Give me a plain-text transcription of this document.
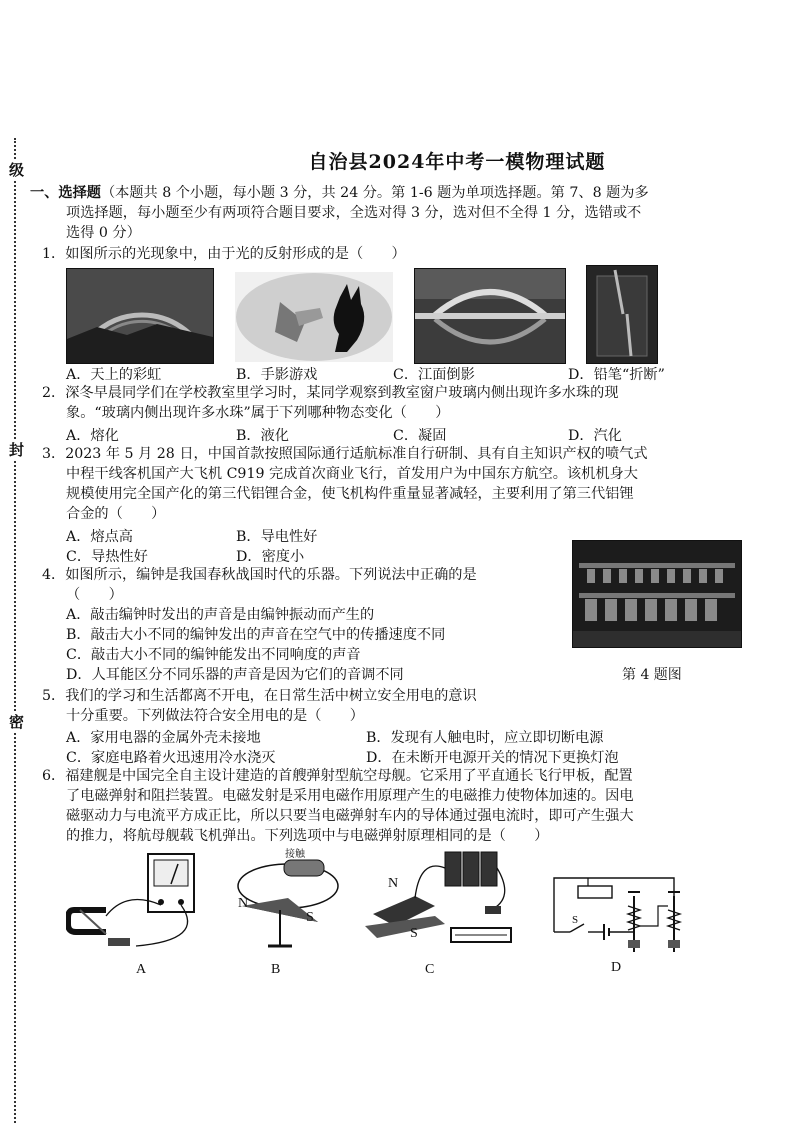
级
封
密
自治县2024年中考一模物理试题
一、选择题（本题共 8 个小题，每小题 3 分，共 24 分。第 1-6 题为单项选择题。第 7、8 题为多
项选择题，每小题至少有两项符合题目要求，全选对得 3 分，选对但不全得 1 分，选错或不
选得 0 分）
1．如图所示的光现象中，由于光的反射形成的是（　　）
A．天上的彩虹	B．手影游戏	C．江面倒影	D．铅笔“折断”
2．深冬早晨同学们在学校教室里学习时，某同学观察到教室窗户玻璃内侧出现许多水珠的现
象。“玻璃内侧出现许多水珠”属于下列哪种物态变化（　　）
A．熔化	B．液化	C．凝固	D．汽化
3．2023 年 5 月 28 日，中国首款按照国际通行适航标准自行研制、具有自主知识产权的喷气式
中程干线客机国产大飞机 C919 完成首次商业飞行，首发用户为中国东方航空。该机机身大
规模使用完全国产化的第三代铝锂合金，使飞机构件重量显著减轻，主要利用了第三代铝锂
合金的（　　）
A．熔点高	B．导电性好
C．导热性好	D．密度小
4．如图所示，编钟是我国春秋战国时代的乐器。下列说法中正确的是
（　　）
A．敲击编钟时发出的声音是由编钟振动而产生的
B．敲击大小不同的编钟发出的声音在空气中的传播速度不同
C．敲击大小不同的编钟能发出不同响度的声音
D．人耳能区分不同乐器的声音是因为它们的音调不同	第 4 题图
5．我们的学习和生活都离不开电，在日常生活中树立安全用电的意识
十分重要。下列做法符合安全用电的是（　　）
A．家用电器的金属外壳未接地	B．发现有人触电时，应立即切断电源
C．家庭电路着火迅速用冷水浇灭	D．在未断开电源开关的情况下更换灯泡
6．福建舰是中国完全自主设计建造的首艘弹射型航空母舰。它采用了平直通长飞行甲板，配置
了电磁弹射和阻拦装置。电磁发射是采用电磁作用原理产生的电磁推力使物体加速的。因电
磁驱动力与电流平方成正比，所以只要当电磁弹射车内的导体通过强电流时，即可产生强大
的推力，将航母舰载飞机弹出。下列选项中与电磁弹射原理相同的是（　　）
接触
N
S
N
S
S
A	B	C	D
